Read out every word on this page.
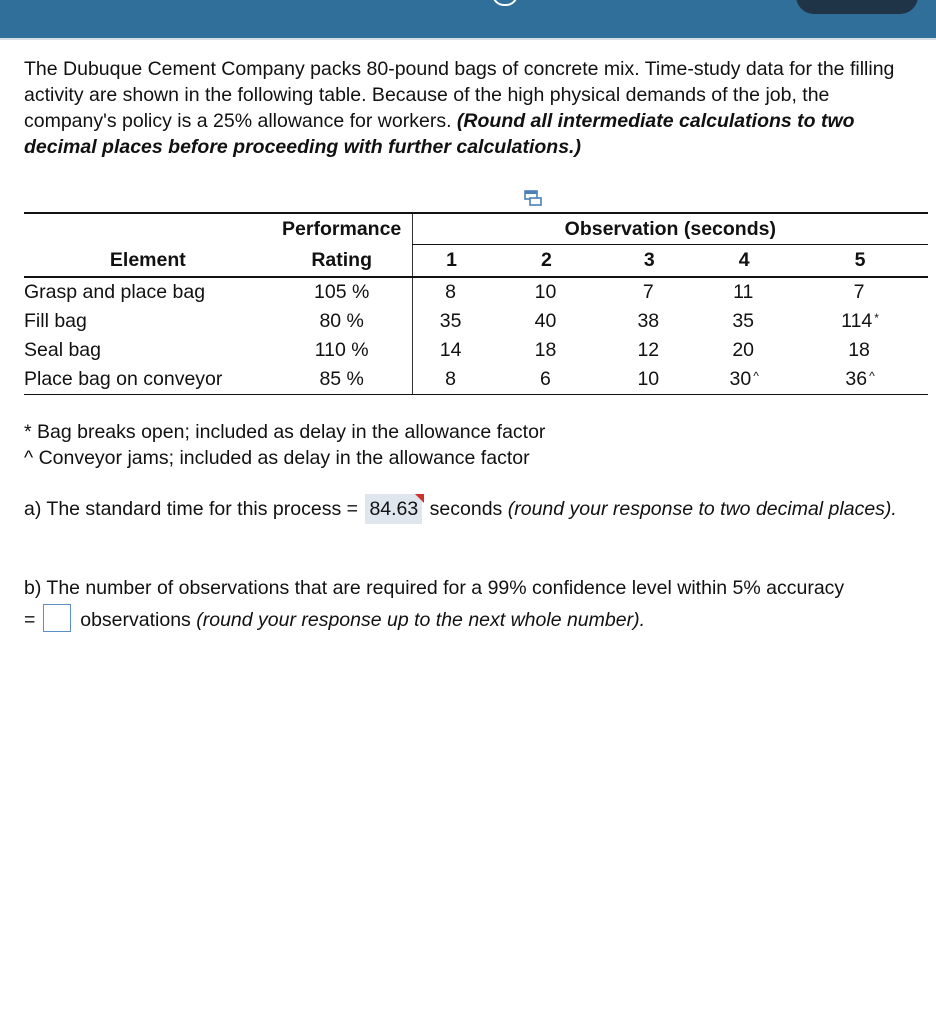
The Dubuque Cement Company packs 80-pound bags of concrete mix. Time-study data for the filling activity are shown in the following table. Because of the high physical demands of the job, the company's policy is a 25% allowance for workers. (Round all intermediate calculations to two decimal places before proceeding with further calculations.)
	Performance	Observation (seconds)				
Element	Rating	1	2	3	4	5
Grasp and place bag	105 %	8	10	7	11	7
Fill bag	80 %	35	40	38	35	114 *
Seal bag	110 %	14	18	12	20	18
Place bag on conveyor	85 %	8	6	10	30 ^	36 ^
* Bag breaks open; included as delay in the allowance factor
^ Conveyor jams; included as delay in the allowance factor
a) The standard time for this process = 84.63 seconds (round your response to two decimal places).
b) The number of observations that are required for a 99% confidence level within 5% accuracy
= observations (round your response up to the next whole number).
